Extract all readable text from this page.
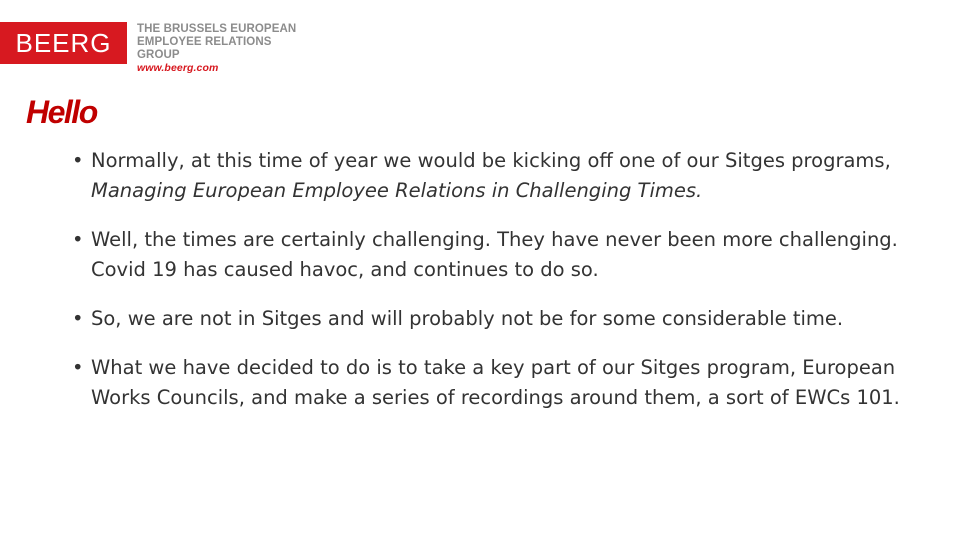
BEERG THE BRUSSELS EUROPEAN
EMPLOYEE RELATIONS GROUP
www.beerg.com
Hello
• Normally, at this time of year we would be kicking off one of our Sitges programs, Managing European Employee Relations in Challenging Times.
• Well, the times are certainly challenging. They have never been more challenging. Covid 19 has caused havoc, and continues to do so.
• So, we are not in Sitges and will probably not be for some considerable time.
• What we have decided to do is to take a key part of our Sitges program, European Works Councils, and make a series of recordings around them, a sort of EWCs 101.
